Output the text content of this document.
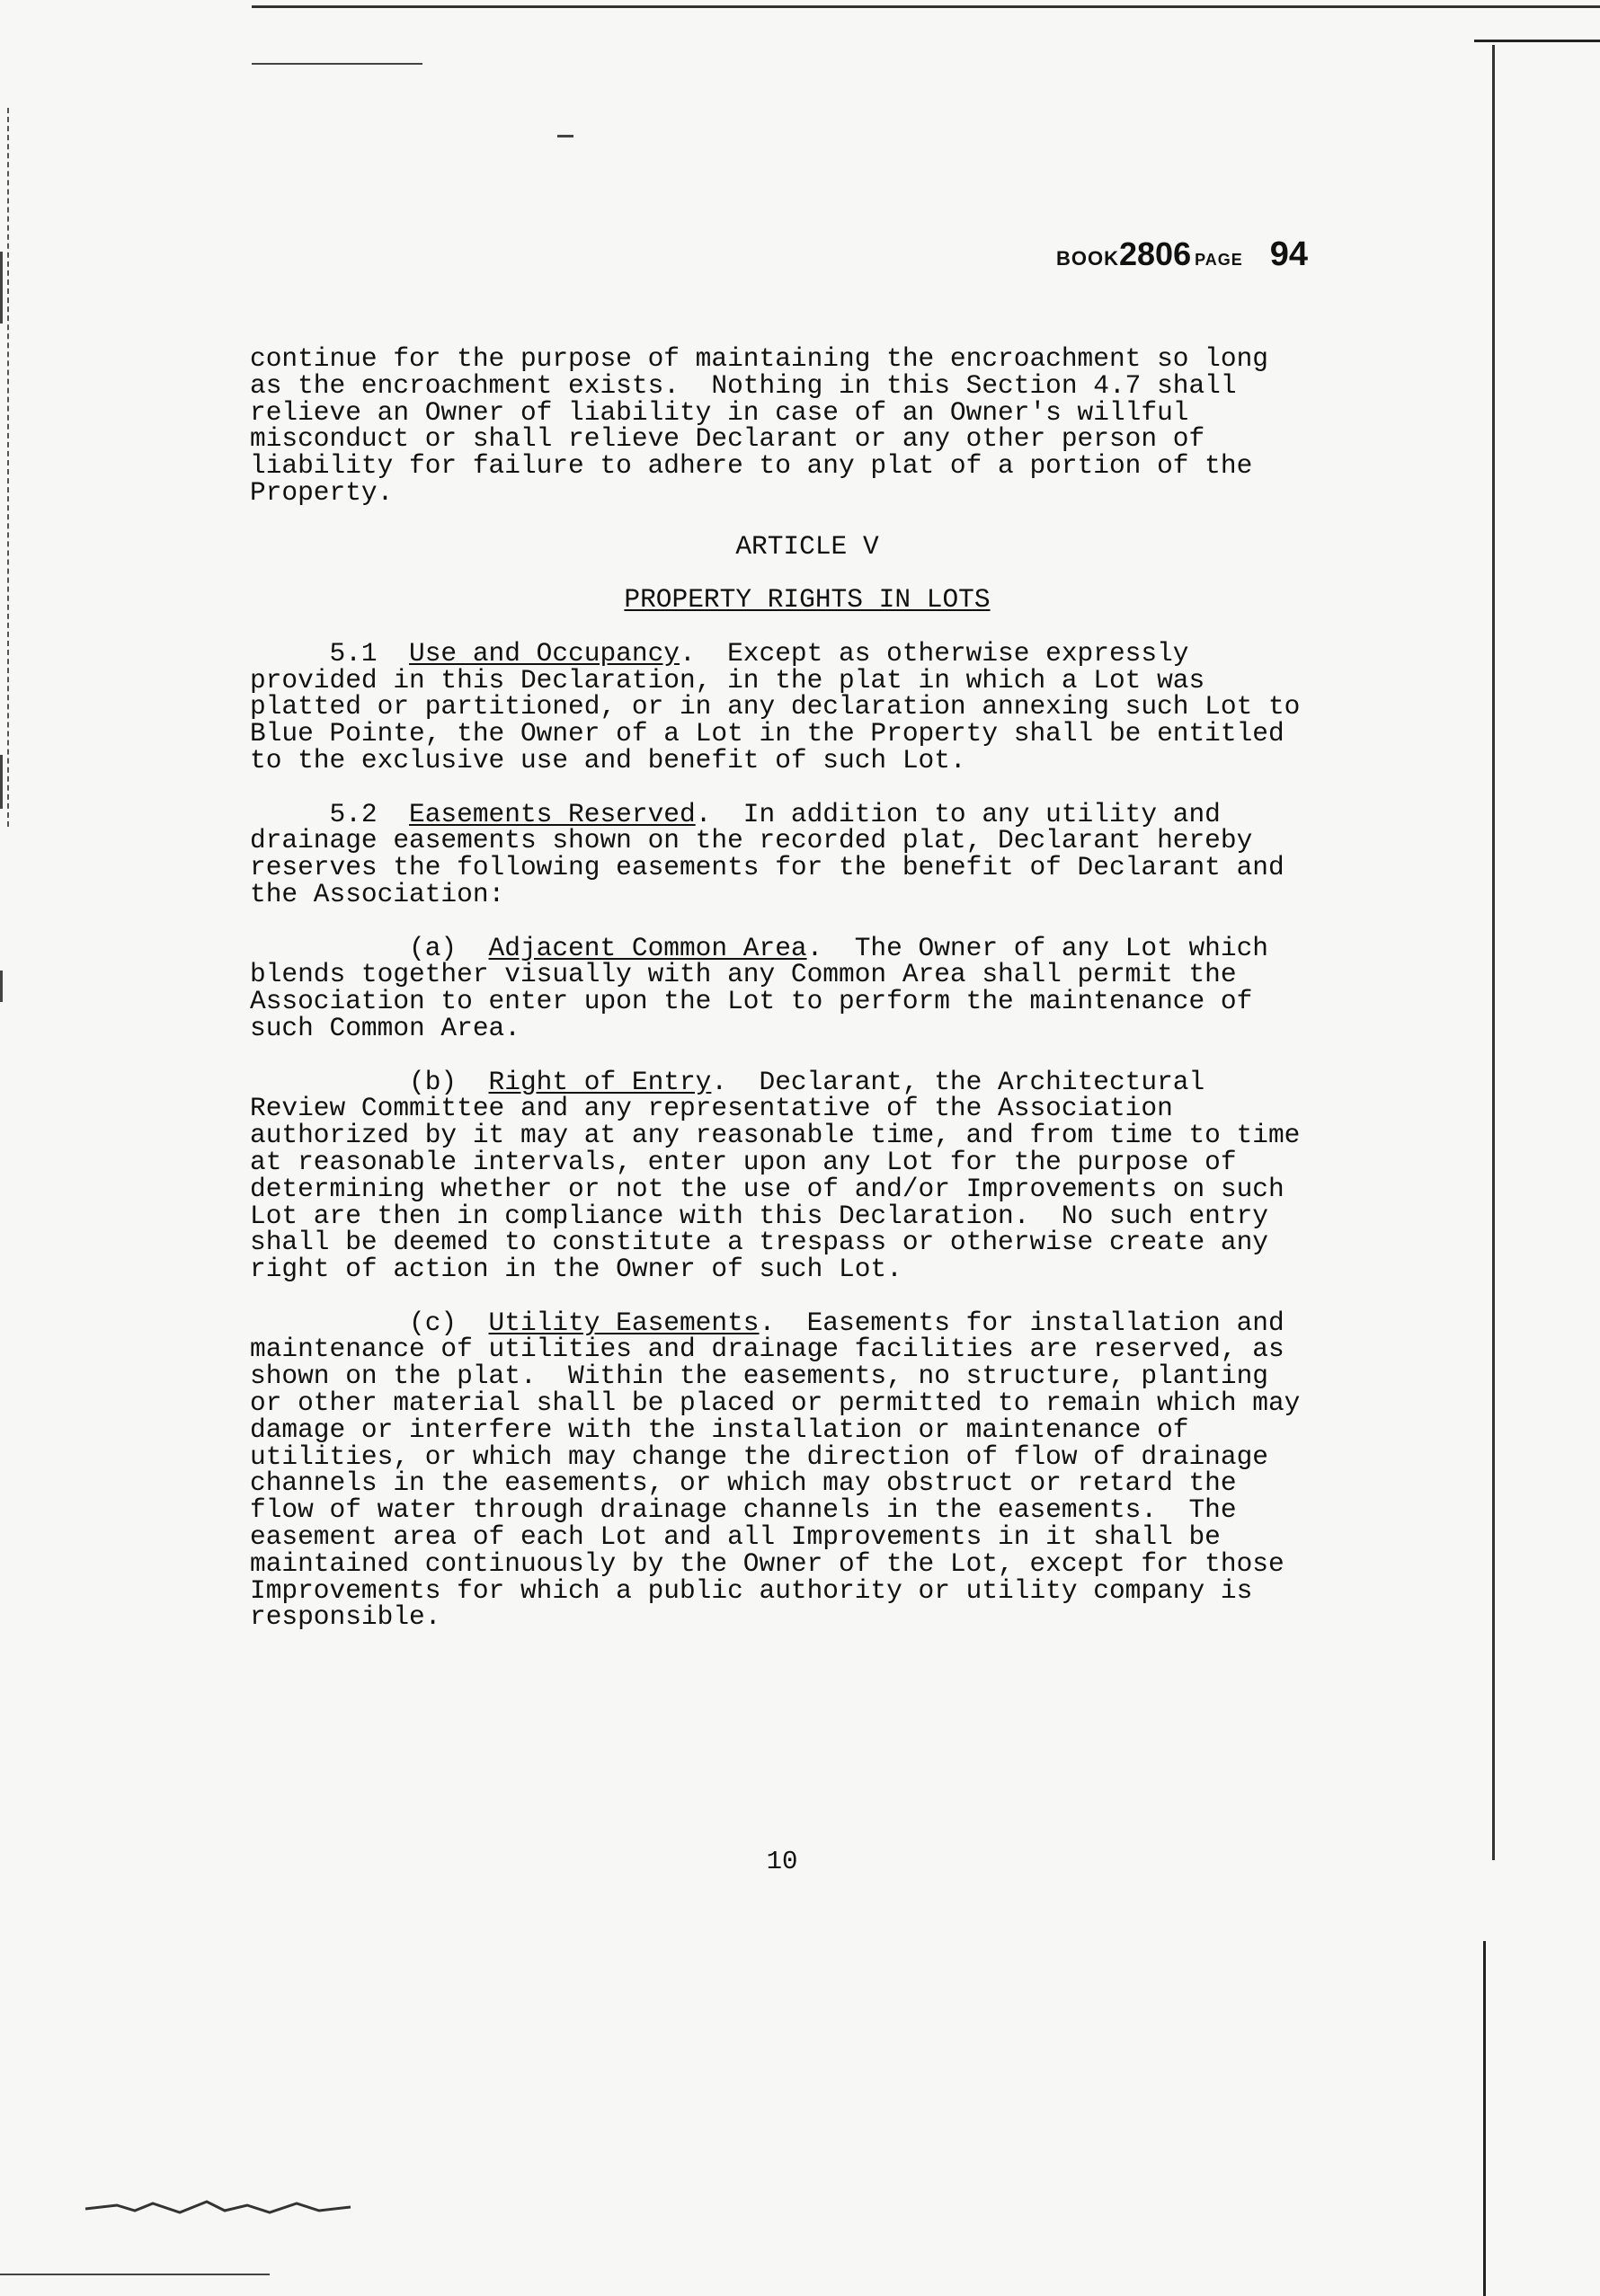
BOOK2806 PAGE 94

continue for the purpose of maintaining the encroachment so long

as the encroachment exists.  Nothing in this Section 4.7 shall

relieve an Owner of liability in case of an Owner's willful

misconduct or shall relieve Declarant or any other person of

liability for failure to adhere to any plat of a portion of the

Property.

ARTICLE V

PROPERTY RIGHTS IN LOTS

5.1  Use and Occupancy.  Except as otherwise expressly

provided in this Declaration, in the plat in which a Lot was

platted or partitioned, or in any declaration annexing such Lot to

Blue Pointe, the Owner of a Lot in the Property shall be entitled

to the exclusive use and benefit of such Lot.

5.2  Easements Reserved.  In addition to any utility and

drainage easements shown on the recorded plat, Declarant hereby

reserves the following easements for the benefit of Declarant and

the Association:

(a)  Adjacent Common Area.  The Owner of any Lot which

blends together visually with any Common Area shall permit the

Association to enter upon the Lot to perform the maintenance of

such Common Area.

(b)  Right of Entry.  Declarant, the Architectural

Review Committee and any representative of the Association

authorized by it may at any reasonable time, and from time to time

at reasonable intervals, enter upon any Lot for the purpose of

determining whether or not the use of and/or Improvements on such

Lot are then in compliance with this Declaration.  No such entry

shall be deemed to constitute a trespass or otherwise create any

right of action in the Owner of such Lot.

(c)  Utility Easements.  Easements for installation and

maintenance of utilities and drainage facilities are reserved, as

shown on the plat.  Within the easements, no structure, planting

or other material shall be placed or permitted to remain which may

damage or interfere with the installation or maintenance of

utilities, or which may change the direction of flow of drainage

channels in the easements, or which may obstruct or retard the

flow of water through drainage channels in the easements.  The

easement area of each Lot and all Improvements in it shall be

maintained continuously by the Owner of the Lot, except for those

Improvements for which a public authority or utility company is

responsible.

10
